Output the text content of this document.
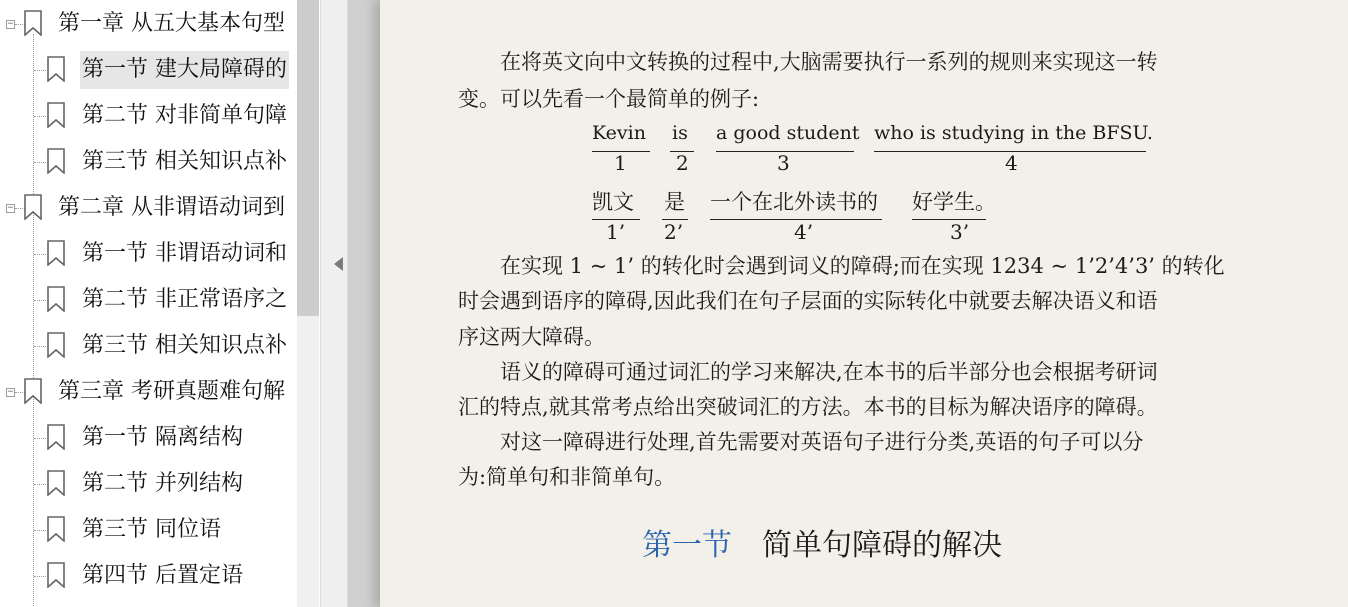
− 第一章 从五大基本句型
第一节 建大局障碍的
第二节 对非简单句障
第三节 相关知识点补
− 第二章 从非谓语动词到
第一节 非谓语动词和
第二节 非正常语序之
第三节 相关知识点补
− 第三章 考研真题难句解
第一节 隔离结构
第二节 并列结构
第三节 同位语
第四节 后置定语
在将英文向中文转换的过程中,大脑需要执行一系列的规则来实现这一转
变。可以先看一个最简单的例子:
Kevin
1
is
2
a good student
3
who is studying in the BFSU.
4
凯文
1’
是
2’
一个在北外读书的
4’
好学生。
3’
在实现 1 ~ 1’ 的转化时会遇到词义的障碍;而在实现 1234 ~ 1’2’4’3’ 的转化
时会遇到语序的障碍,因此我们在句子层面的实际转化中就要去解决语义和语
序这两大障碍。
语义的障碍可通过词汇的学习来解决,在本书的后半部分也会根据考研词
汇的特点,就其常考点给出突破词汇的方法。本书的目标为解决语序的障碍。
对这一障碍进行处理,首先需要对英语句子进行分类,英语的句子可以分
为:简单句和非简单句。
第一节 简单句障碍的解决
